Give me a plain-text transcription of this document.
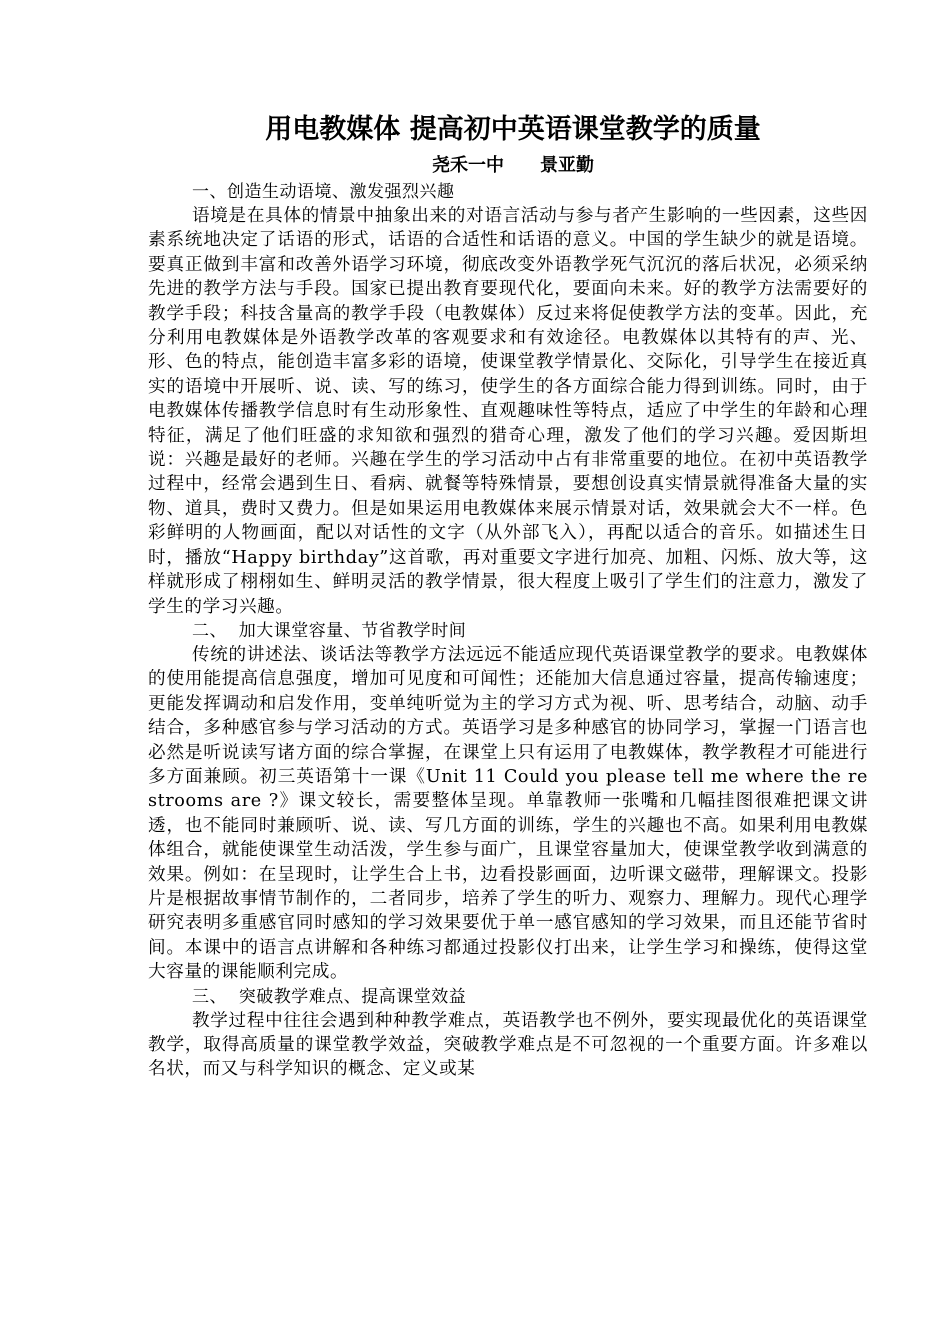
用电教媒体 提高初中英语课堂教学的质量

尧禾一中 景亚勤

一、创造生动语境、激发强烈兴趣

语境是在具体的情景中抽象出来的对语言活动与参与者产生影响的一些因素，这些因素系统地决定了话语的形式，话语的合适性和话语的意义。中国的学生缺少的就是语境。要真正做到丰富和改善外语学习环境，彻底改变外语教学死气沉沉的落后状况，必须采纳先进的教学方法与手段。国家已提出教育要现代化，要面向未来。好的教学方法需要好的教学手段；科技含量高的教学手段（电教媒体）反过来将促使教学方法的变革。因此，充分利用电教媒体是外语教学改革的客观要求和有效途径。电教媒体以其特有的声、光、形、色的特点，能创造丰富多彩的语境，使课堂教学情景化、交际化，引导学生在接近真实的语境中开展听、说、读、写的练习，使学生的各方面综合能力得到训练。同时，由于电教媒体传播教学信息时有生动形象性、直观趣味性等特点，适应了中学生的年龄和心理特征，满足了他们旺盛的求知欲和强烈的猎奇心理，激发了他们的学习兴趣。爱因斯坦说：兴趣是最好的老师。兴趣在学生的学习活动中占有非常重要的地位。在初中英语教学过程中，经常会遇到生日、看病、就餐等特殊情景，要想创设真实情景就得准备大量的实物、道具，费时又费力。但是如果运用电教媒体来展示情景对话，效果就会大不一样。色彩鲜明的人物画面，配以对话性的文字（从外部飞入），再配以适合的音乐。如描述生日时，播放“Happy birthday”这首歌，再对重要文字进行加亮、加粗、闪烁、放大等，这样就形成了栩栩如生、鲜明灵活的教学情景，很大程度上吸引了学生们的注意力，激发了学生的学习兴趣。

二、  加大课堂容量、节省教学时间

传统的讲述法、谈话法等教学方法远远不能适应现代英语课堂教学的要求。电教媒体的使用能提高信息强度，增加可见度和可闻性；还能加大信息通过容量，提高传输速度；更能发挥调动和启发作用，变单纯听觉为主的学习方式为视、听、思考结合，动脑、动手结合，多种感官参与学习活动的方式。英语学习是多种感官的协同学习，掌握一门语言也必然是听说读写诸方面的综合掌握，在课堂上只有运用了电教媒体，教学教程才可能进行多方面兼顾。初三英语第十一课《Unit 11 Could you please tell me where the restrooms are ?》课文较长，需要整体呈现。单靠教师一张嘴和几幅挂图很难把课文讲透，也不能同时兼顾听、说、读、写几方面的训练，学生的兴趣也不高。如果利用电教媒体组合，就能使课堂生动活泼，学生参与面广，且课堂容量加大，使课堂教学收到满意的效果。例如：在呈现时，让学生合上书，边看投影画面，边听课文磁带，理解课文。投影片是根据故事情节制作的，二者同步，培养了学生的听力、观察力、理解力。现代心理学研究表明多重感官同时感知的学习效果要优于单一感官感知的学习效果，而且还能节省时间。本课中的语言点讲解和各种练习都通过投影仪打出来，让学生学习和操练，使得这堂大容量的课能顺利完成。

三、  突破教学难点、提高课堂效益

教学过程中往往会遇到种种教学难点，英语教学也不例外，要实现最优化的英语课堂教学，取得高质量的课堂教学效益，突破教学难点是不可忽视的一个重要方面。许多难以名状，而又与科学知识的概念、定义或某
